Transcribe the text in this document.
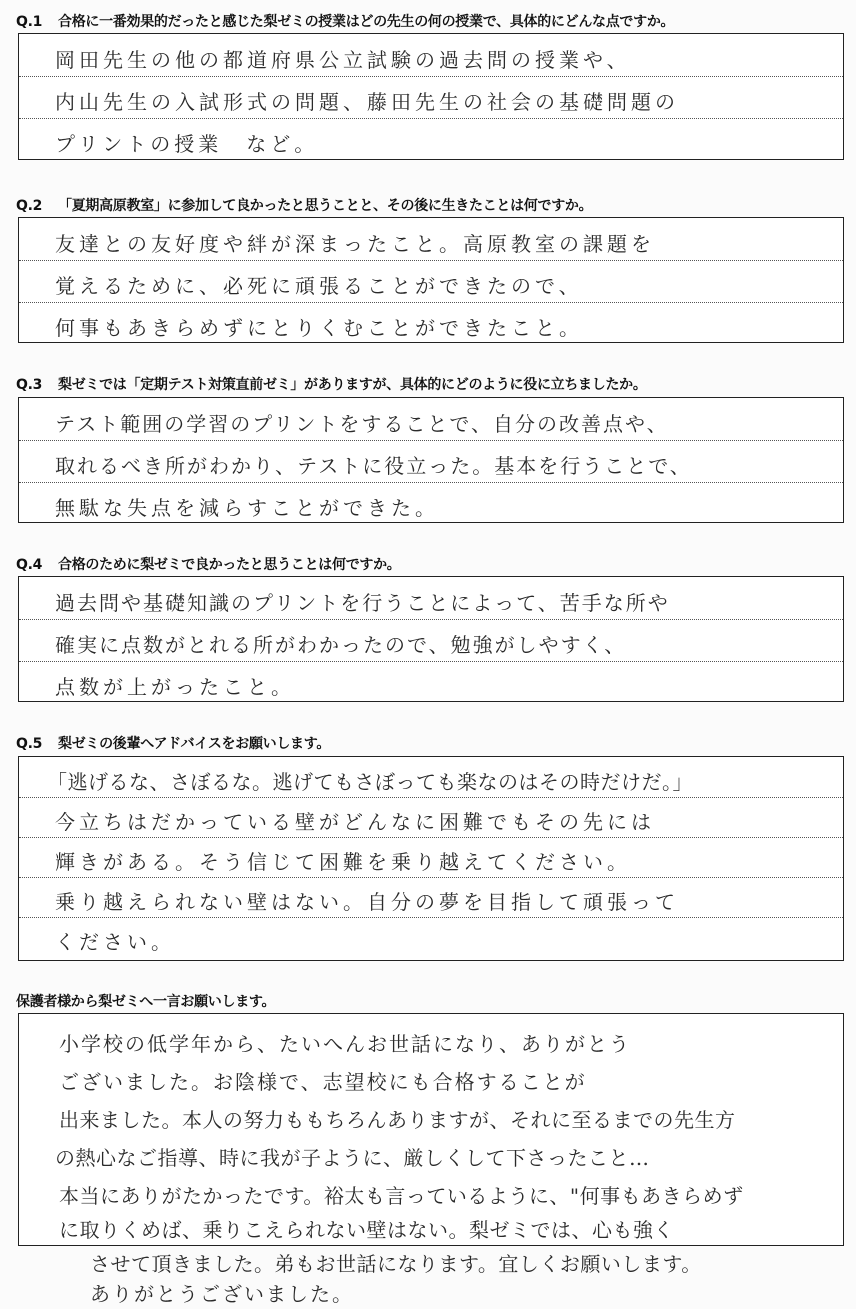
Q.1 合格に一番効果的だったと感じた梨ゼミの授業はどの先生の何の授業で、具体的にどんな点ですか。
岡田先生の他の都道府県公立試験の過去問の授業や、
内山先生の入試形式の問題、藤田先生の社会の基礎問題の
プリントの授業　など。
Q.2 「夏期高原教室」に参加して良かったと思うことと、その後に生きたことは何ですか。
友達との友好度や絆が深まったこと。高原教室の課題を
覚えるために、必死に頑張ることができたので、
何事もあきらめずにとりくむことができたこと。
Q.3 梨ゼミでは「定期テスト対策直前ゼミ」がありますが、具体的にどのように役に立ちましたか。
テスト範囲の学習のプリントをすることで、自分の改善点や、
取れるべき所がわかり、テストに役立った。基本を行うことで、
無駄な失点を減らすことができた。
Q.4 合格のために梨ゼミで良かったと思うことは何ですか。
過去問や基礎知識のプリントを行うことによって、苦手な所や
確実に点数がとれる所がわかったので、勉強がしやすく、
点数が上がったこと。
Q.5 梨ゼミの後輩へアドバイスをお願いします。
「逃げるな、さぼるな。逃げてもさぼっても楽なのはその時だけだ。」
今立ちはだかっている壁がどんなに困難でもその先には
輝きがある。そう信じて困難を乗り越えてください。
乗り越えられない壁はない。自分の夢を目指して頑張って
ください。
保護者様から梨ゼミへ一言お願いします。
小学校の低学年から、たいへんお世話になり、ありがとう
ございました。お陰様で、志望校にも合格することが
出来ました。本人の努力ももちろんありますが、それに至るまでの先生方
の熱心なご指導、時に我が子ように、厳しくして下さったこと…
本当にありがたかったです。裕太も言っているように、"何事もあきらめず
に取りくめば、乗りこえられない壁はない。梨ゼミでは、心も強く
させて頂きました。弟もお世話になります。宜しくお願いします。
ありがとうございました。
